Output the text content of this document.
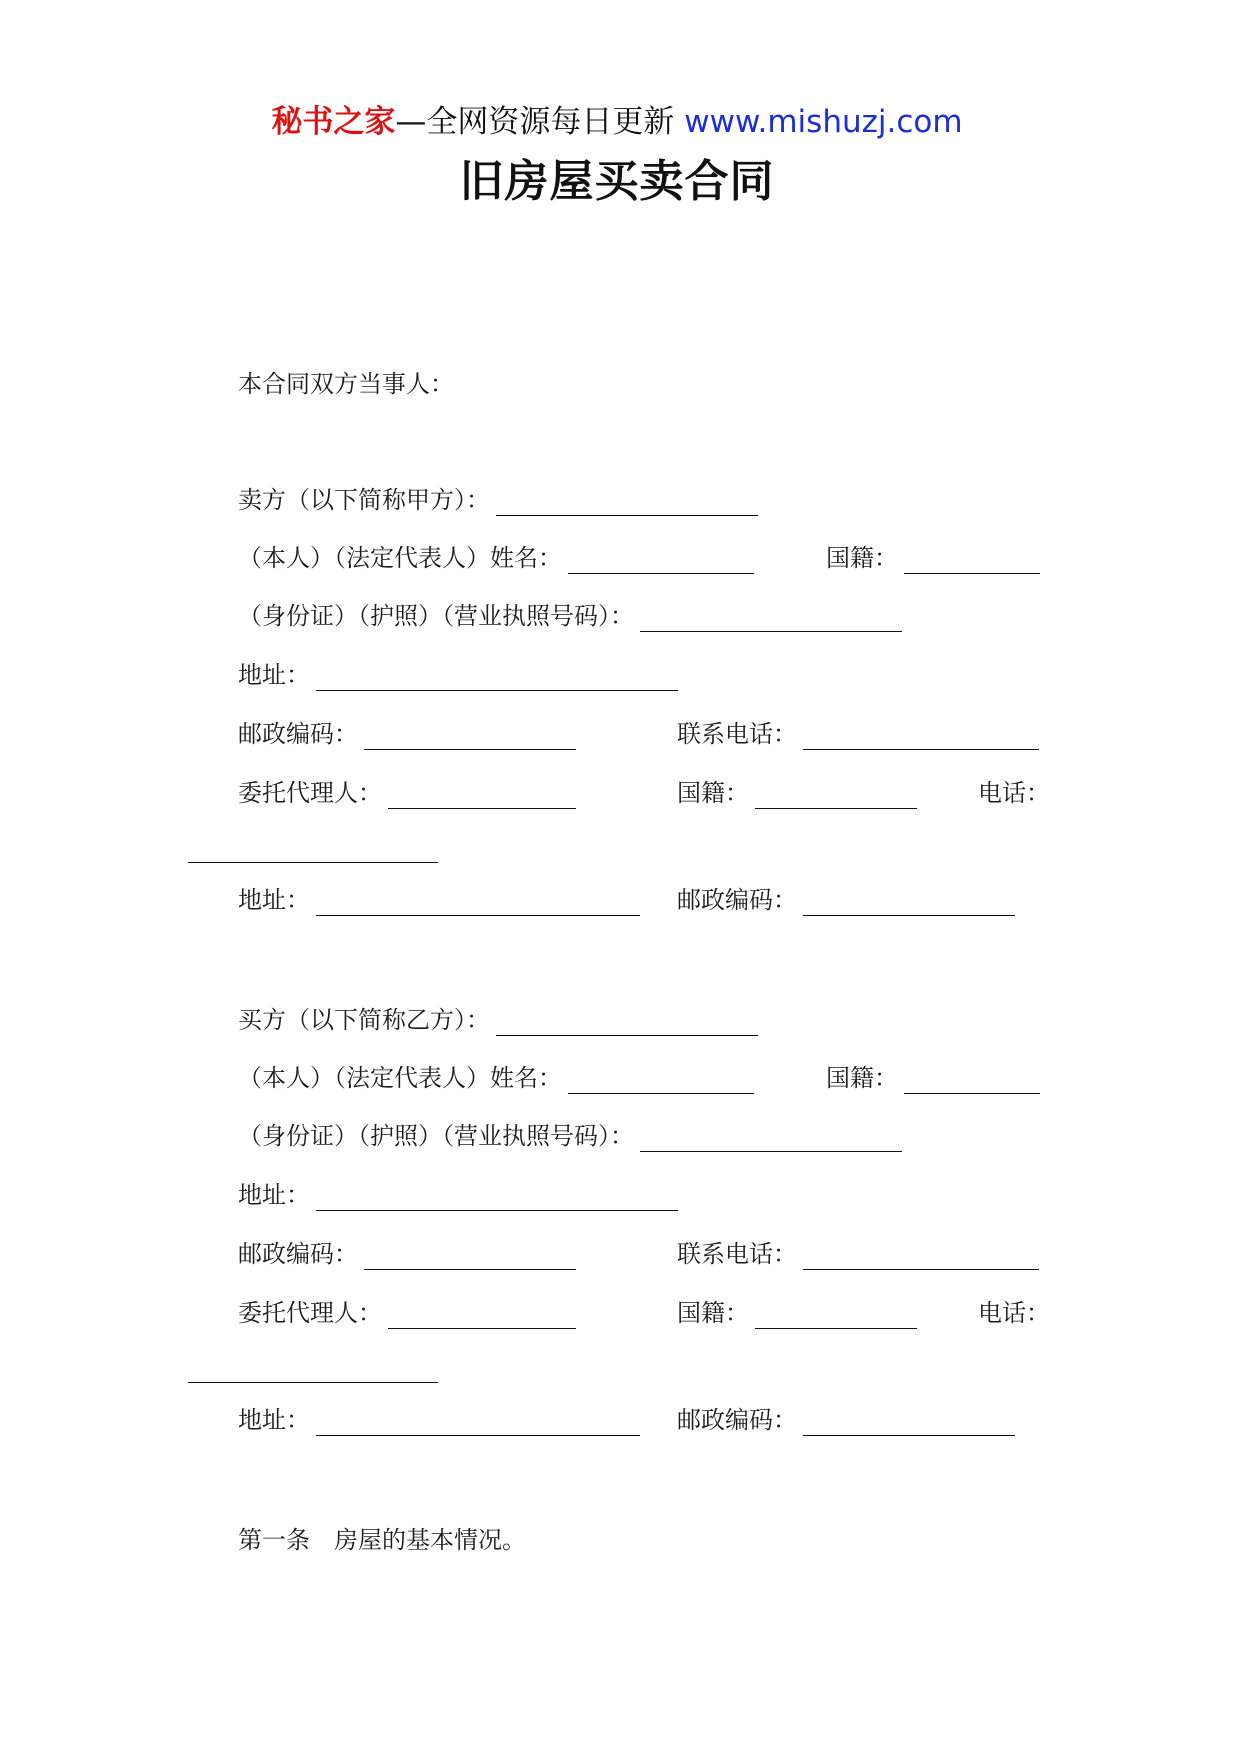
秘书之家—全网资源每日更新 www.mishuzj.com
旧房屋买卖合同
本合同双方当事人：
卖方（以下简称甲方）：
（本人）（法定代表人）姓名：	国籍：
（身份证）（护照）（营业执照号码）：
地址：
邮政编码：	联系电话：
委托代理人：	国籍：	电话：
地址：	邮政编码：
买方（以下简称乙方）：
（本人）（法定代表人）姓名：	国籍：
（身份证）（护照）（营业执照号码）：
地址：
邮政编码：	联系电话：
委托代理人：	国籍：	电话：
地址：	邮政编码：
第一条　房屋的基本情况。
